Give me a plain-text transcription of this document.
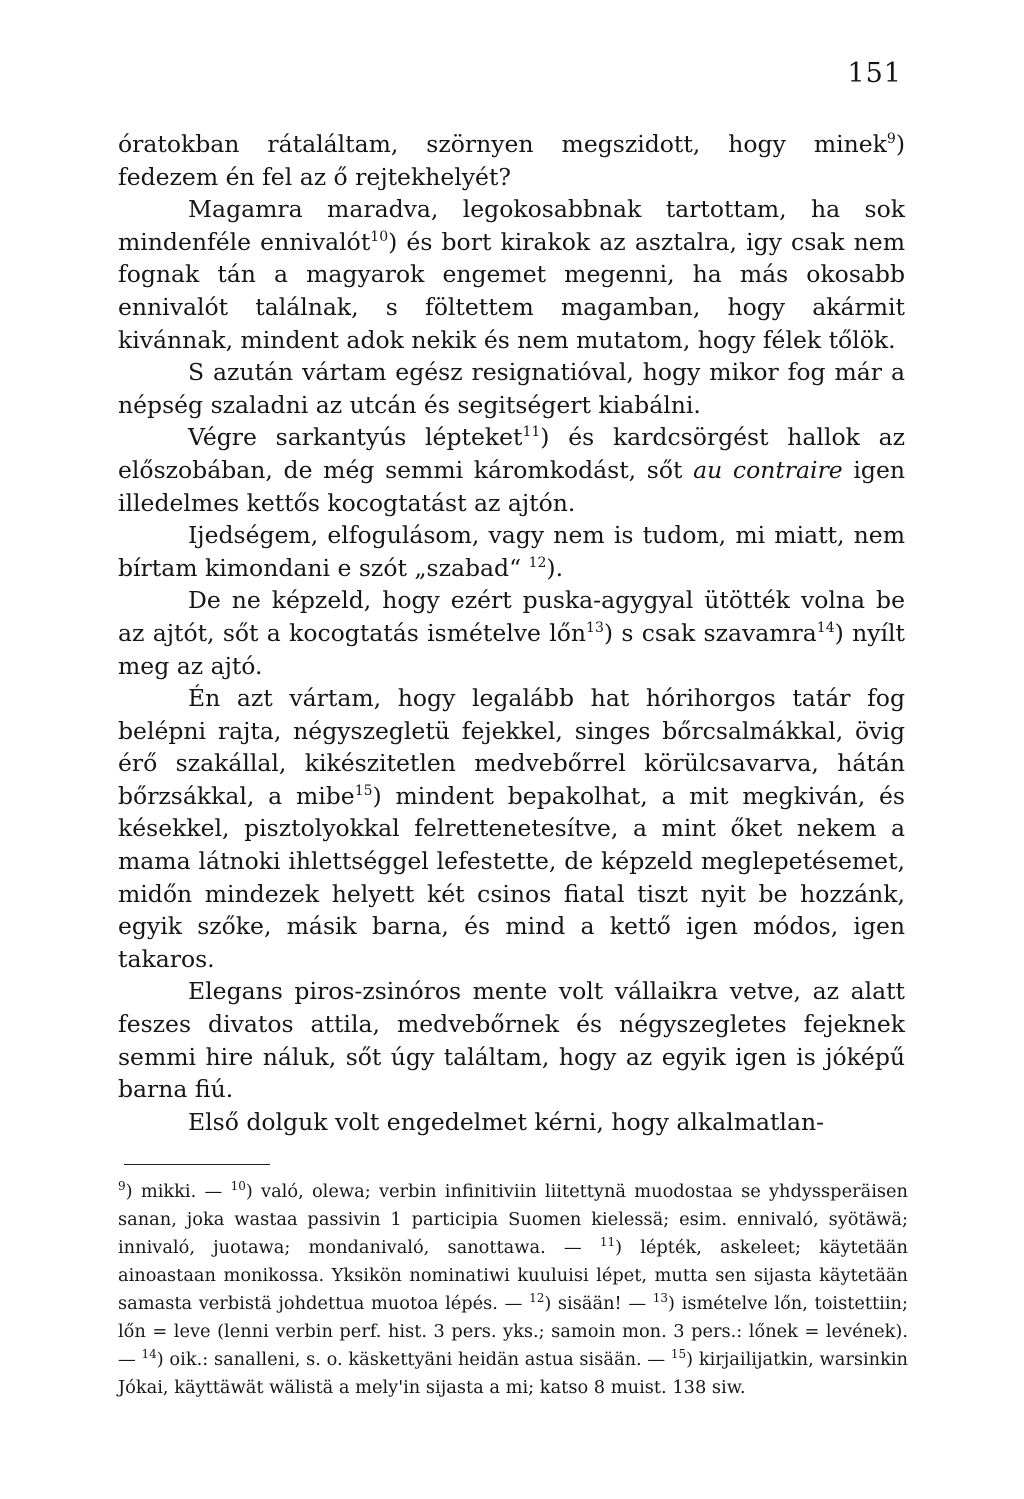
151

óratokban rátaláltam, szörnyen megszidott, hogy minek$^9$) fedezem én fel az ő rejtekhelyét?

Magamra maradva, legokosabbnak tartottam, ha sok mindenféle ennivalót$^{10}$) és bort kirakok az asztalra, igy csak nem fognak tán a magyarok engemet megenni, ha más okosabb ennivalót találnak, s föltettem magamban, hogy akármit kivánnak, mindent adok nekik és nem mutatom, hogy félek tőlök.

S azután vártam egész resignatióval, hogy mikor fog már a népség szaladni az utcán és segitségert kiabálni.

Végre sarkantyús lépteket$^{11}$) és kardcsörgést hallok az előszobában, de még semmi káromkodást, sőt au contraire igen illedelmes kettős kocogtatást az ajtón.

Ijedségem, elfogulásom, vagy nem is tudom, mi miatt, nem bírtam kimondani e szót „szabad“ $^{12}$).

De ne képzeld, hogy ezért puska-agygyal ütötték volna be az ajtót, sőt a kocogtatás ismételve lőn$^{13}$) s csak szavamra$^{14}$) nyílt meg az ajtó.

Én azt vártam, hogy legalább hat hórihorgos tatár fog belépni rajta, négyszegletü fejekkel, singes bőrcsalmákkal, övig érő szakállal, kikészitetlen medvebőrrel körülcsavarva, hátán bőrzsákkal, a mibe$^{15}$) mindent bepakolhat, a mit megkiván, és késekkel, pisztolyokkal felrettenetesítve, a mint őket nekem a mama látnoki ihlettséggel lefestette, de képzeld meglepetésemet, midőn mindezek helyett két csinos fiatal tiszt nyit be hozzánk, egyik szőke, másik barna, és mind a kettő igen módos, igen takaros.

Elegans piros-zsinóros mente volt vállaikra vetve, az alatt feszes divatos attila, medvebőrnek és négyszegletes fejeknek semmi hire náluk, sőt úgy találtam, hogy az egyik igen is jóképű barna fiú.

Első dolguk volt engedelmet kérni, hogy alkalmatlan-

$^9$) mikki. — $^{10}$) való, olewa; verbin infinitiviin liitettynä muodostaa se yhdyssperäisen sanan, joka wastaa passivin 1 participia Suomen kielessä; esim. ennivaló, syötäwä; innivaló, juotawa; mondanivaló, sanottawa. — $^{11}$) lépték, askeleet; käytetään ainoastaan monikossa. Yksikön nominatiwi kuuluisi lépet, mutta sen sijasta käytetään samasta verbistä johdettua muotoa lépés. — $^{12}$) sisään! — $^{13}$) ismételve lőn, toistettiin; lőn = leve (lenni verbin perf. hist. 3 pers. yks.; samoin mon. 3 pers.: lőnek = levének). — $^{14}$) oik.: sanalleni, s. o. käskettyäni heidän astua sisään. — $^{15}$) kirjailijatkin, warsinkin Jókai, käyttäwät wälistä a mely'in sijasta a mi; katso 8 muist. 138 siw.
